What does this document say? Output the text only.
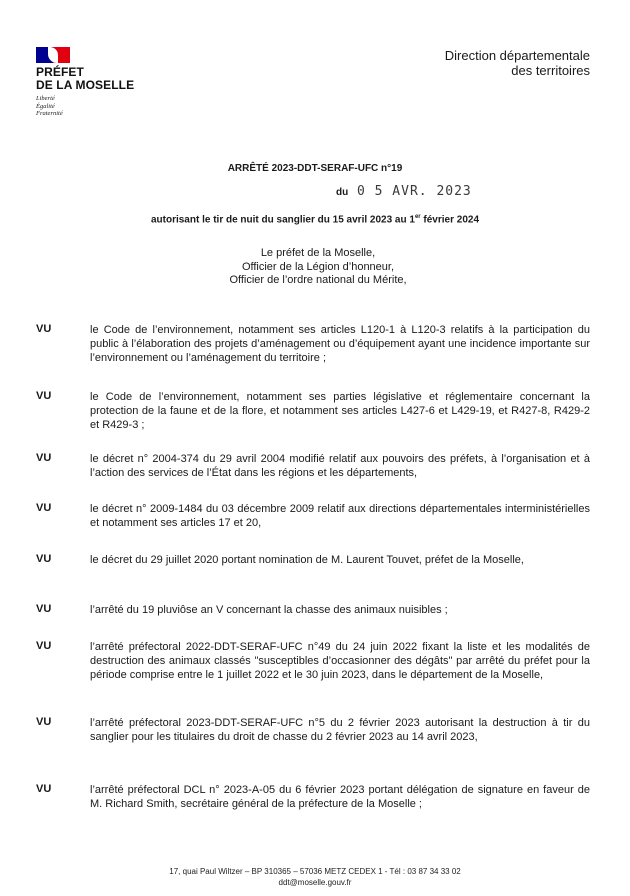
PRÉFET
DE LA MOSELLE
Liberté
Égalité
Fraternité
Direction départementale
des territoires
ARRÊTÉ 2023-DDT-SERAF-UFC n°19
du 0 5 AVR. 2023
autorisant le tir de nuit du sanglier du 15 avril 2023 au 1er février 2024
Le préfet de la Moselle,
Officier de la Légion d’honneur,
Officier de l’ordre national du Mérite,
VU	le Code de l’environnement, notamment ses articles L120-1 à L120-3 relatifs à la participation du public à l’élaboration des projets d’aménagement ou d’équipement ayant une incidence importante sur l’environnement ou l’aménagement du territoire ;
VU	le Code de l’environnement, notamment ses parties législative et réglementaire concernant la protection de la faune et de la flore, et notamment ses articles L427-6 et L429-19, et R427-8, R429-2 et R429-3 ;
VU	le décret n° 2004-374 du 29 avril 2004 modifié relatif aux pouvoirs des préfets, à l’organisation et à l’action des services de l’État dans les régions et les départements,
VU	le décret n° 2009-1484 du 03 décembre 2009 relatif aux directions départementales interministérielles et notamment ses articles 17 et 20,
VU	le décret du 29 juillet 2020 portant nomination de M. Laurent Touvet, préfet de la Moselle,
VU	l’arrêté du 19 pluviôse an V concernant la chasse des animaux nuisibles ;
VU	l’arrêté préfectoral 2022-DDT-SERAF-UFC n°49 du 24 juin 2022 fixant la liste et les modalités de destruction des animaux classés "susceptibles d’occasionner des dégâts" par arrêté du préfet pour la période comprise entre le 1 juillet 2022 et le 30 juin 2023, dans le département de la Moselle,
VU	l’arrêté préfectoral 2023-DDT-SERAF-UFC n°5 du 2 février 2023 autorisant la destruction à tir du sanglier pour les titulaires du droit de chasse du 2 février 2023 au 14 avril 2023,
VU	l’arrêté préfectoral DCL n° 2023-A-05 du 6 février 2023 portant délégation de signature en faveur de M. Richard Smith, secrétaire général de la préfecture de la Moselle ;
17, quai Paul Wiltzer – BP 310365 – 57036 METZ CEDEX 1 - Tél : 03 87 34 33 02
ddt@moselle.gouv.fr
